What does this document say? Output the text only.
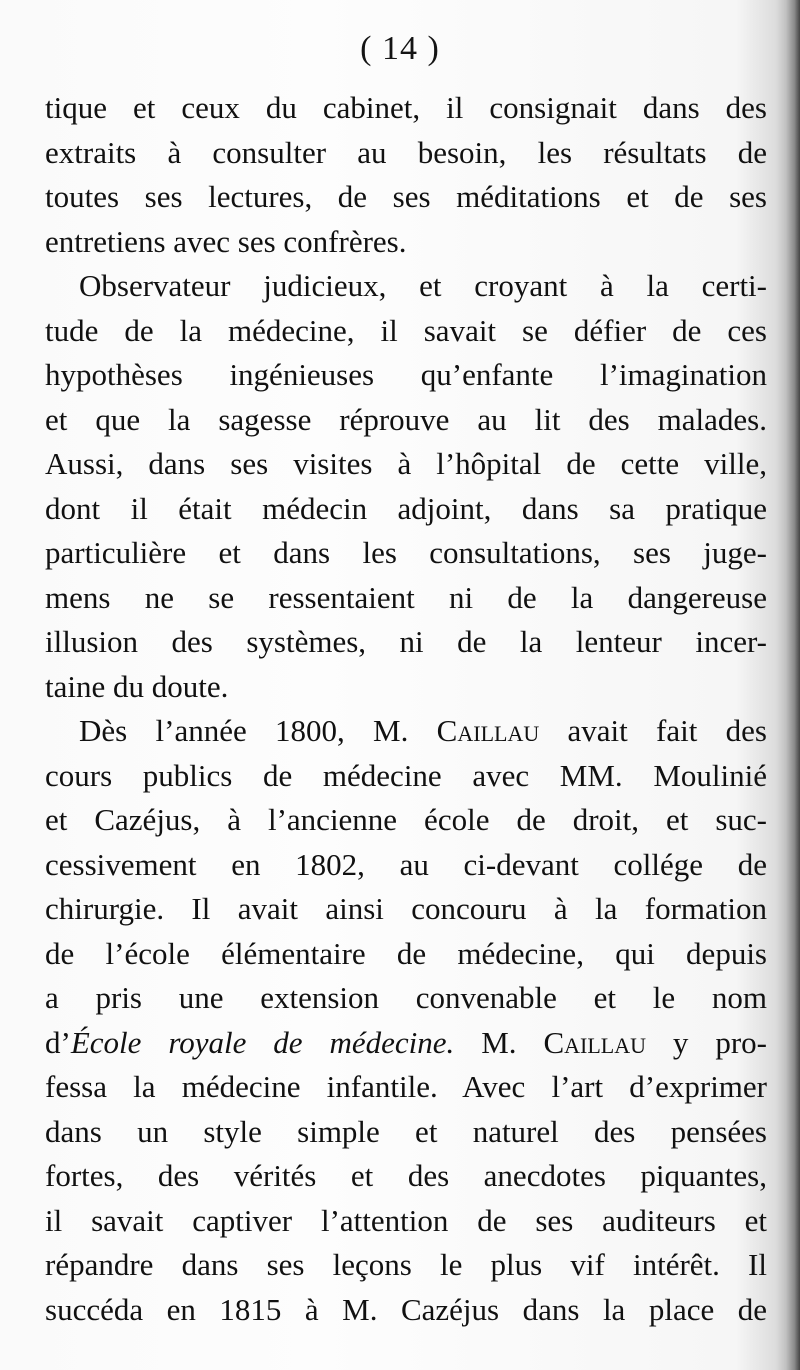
( 14 )
tique et ceux du cabinet, il consignait dans des
extraits à consulter au besoin, les résultats de
toutes ses lectures, de ses méditations et de ses
entretiens avec ses confrères.
Observateur judicieux, et croyant à la certi-
tude de la médecine, il savait se défier de ces
hypothèses ingénieuses qu’enfante l’imagination
et que la sagesse réprouve au lit des malades.
Aussi, dans ses visites à l’hôpital de cette ville,
dont il était médecin adjoint, dans sa pratique
particulière et dans les consultations, ses juge-
mens ne se ressentaient ni de la dangereuse
illusion des systèmes, ni de la lenteur incer-
taine du doute.
Dès l’année 1800, M. Caillau avait fait des
cours publics de médecine avec MM. Moulinié
et Cazéjus, à l’ancienne école de droit, et suc-
cessivement en 1802, au ci-devant collége de
chirurgie. Il avait ainsi concouru à la formation
de l’école élémentaire de médecine, qui depuis
a pris une extension convenable et le nom
d’École royale de médecine. M. Caillau y pro-
fessa la médecine infantile. Avec l’art d’exprimer
dans un style simple et naturel des pensées
fortes, des vérités et des anecdotes piquantes,
il savait captiver l’attention de ses auditeurs et
répandre dans ses leçons le plus vif intérêt. Il
succéda en 1815 à M. Cazéjus dans la place de
